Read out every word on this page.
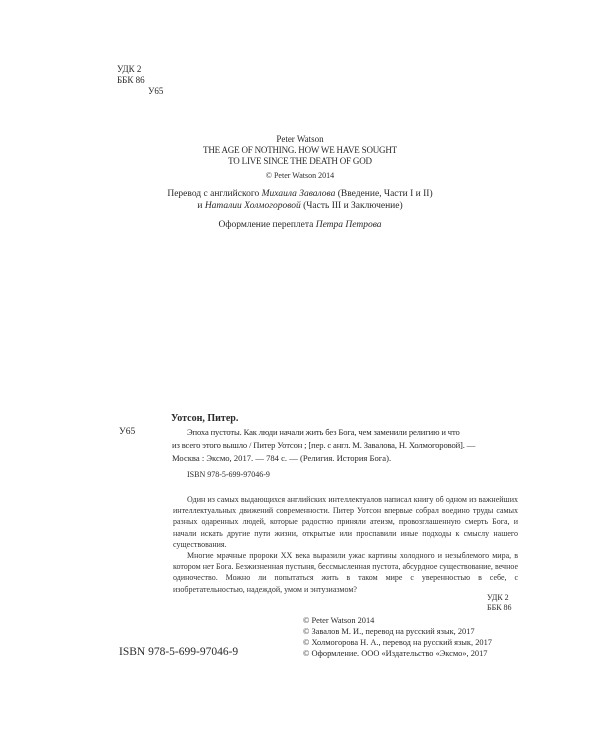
УДК 2
ББК 86
У65
Peter Watson
THE AGE OF NOTHING. HOW WE HAVE SOUGHT
TO LIVE SINCE THE DEATH OF GOD
© Peter Watson 2014
Перевод с английского Михаила Завалова (Введение, Части I и II)
и Наталии Холмогоровой (Часть III и Заключение)
Оформление переплета Петра Петрова
Уотсон, Питер.
У65	Эпоха пустоты. Как люди начали жить без Бога, чем заменили религию и что
из всего этого вышло / Питер Уотсон ; [пер. с англ. М. Завалова, Н. Холмогоровой]. —
Москва : Эксмо, 2017. — 784 с. — (Религия. История Бога).
ISBN 978-5-699-97046-9

Один из самых выдающихся английских интеллектуалов написал книгу об одном из важнейших интеллектуальных движений современности. Питер Уотсон впервые собрал воедино труды самых разных одаренных людей, которые радостно приняли атеизм, провозглашенную смерть Бога, и начали искать другие пути жизни, открытые или проспавили иные подходы к смыслу нашего существования.

Многие мрачные пророки XX века выразили ужас картины холодного и незыблемого мира, в котором нет Бога. Безжизненная пустыня, бессмысленная пустота, абсурдное существование, вечное одиночество. Можно ли попытаться жить в таком мире с уверенностью в себе, с изобретательностью, надеждой, умом и энтузиазмом?

УДК 2
ББК 86
ISBN 978-5-699-97046-9
© Peter Watson 2014
© Завалов М. И., перевод на русский язык, 2017
© Холмогорова Н. А., перевод на русский язык, 2017
© Оформление. ООО «Издательство «Эксмо», 2017
